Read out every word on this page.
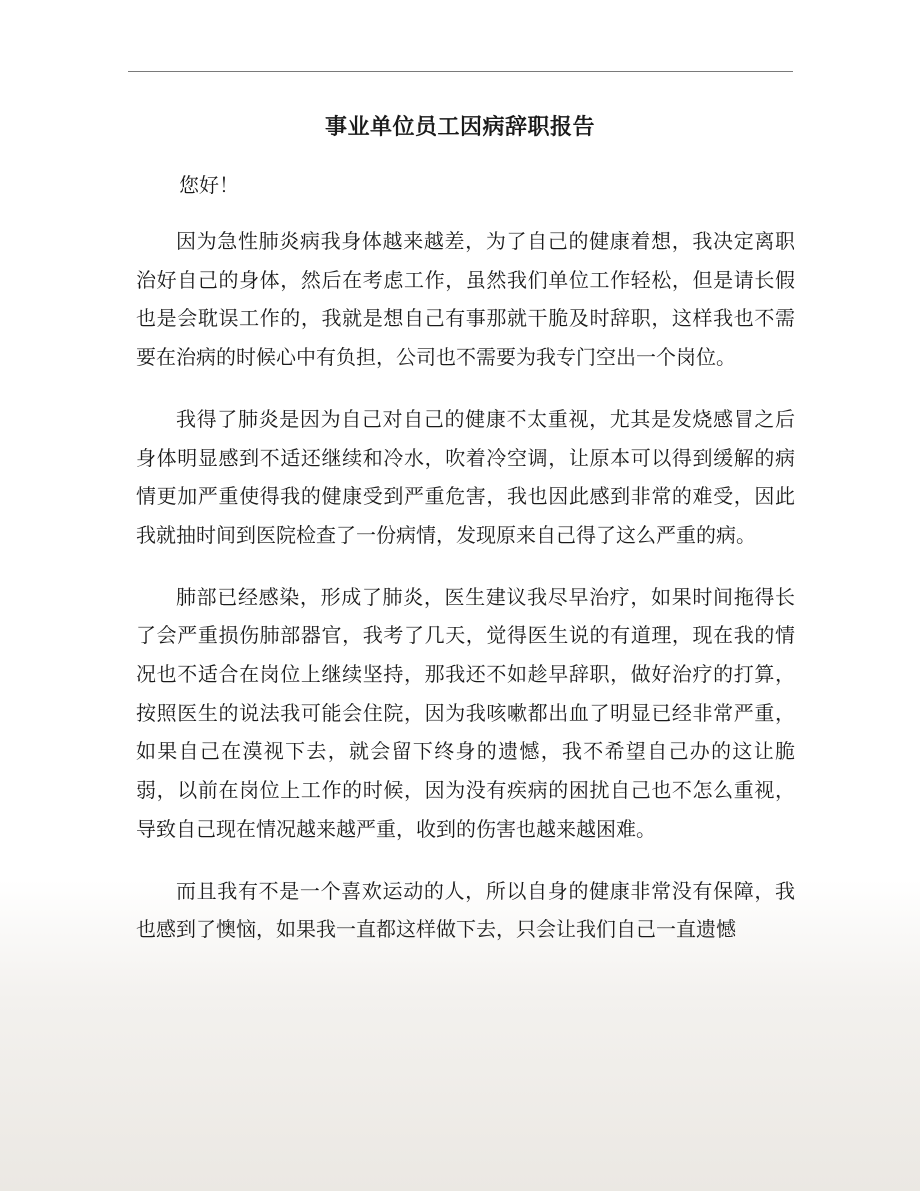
事业单位员工因病辞职报告
您好！

因为急性肺炎病我身体越来越差，为了自己的健康着想，我决定离职治好自己的身体，然后在考虑工作，虽然我们单位工作轻松，但是请长假也是会耽误工作的，我就是想自己有事那就干脆及时辞职，这样我也不需要在治病的时候心中有负担，公司也不需要为我专门空出一个岗位。

我得了肺炎是因为自己对自己的健康不太重视，尤其是发烧感冒之后身体明显感到不适还继续和冷水，吹着冷空调，让原本可以得到缓解的病情更加严重使得我的健康受到严重危害，我也因此感到非常的难受，因此我就抽时间到医院检查了一份病情，发现原来自己得了这么严重的病。

肺部已经感染，形成了肺炎，医生建议我尽早治疗，如果时间拖得长了会严重损伤肺部器官，我考了几天，觉得医生说的有道理，现在我的情况也不适合在岗位上继续坚持，那我还不如趁早辞职，做好治疗的打算，按照医生的说法我可能会住院，因为我咳嗽都出血了明显已经非常严重，如果自己在漠视下去，就会留下终身的遗憾，我不希望自己办的这让脆弱，以前在岗位上工作的时候，因为没有疾病的困扰自己也不怎么重视，导致自己现在情况越来越严重，收到的伤害也越来越困难。

而且我有不是一个喜欢运动的人，所以自身的健康非常没有保障，我也感到了懊恼，如果我一直都这样做下去，只会让我们自己一直遗憾
